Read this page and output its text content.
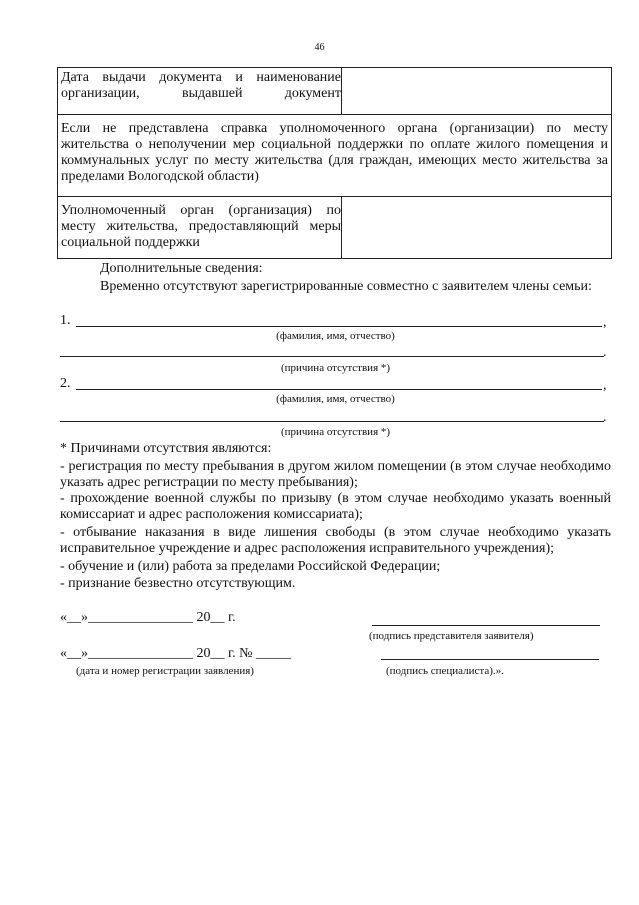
46
Дата выдачи документа и наименование организации, выдавшей документ

Если не представлена справка уполномоченного органа (организации) по месту жительства о неполучении мер социальной поддержки по оплате жилого помещения и коммунальных услуг по месту жительства (для граждан, имеющих место жительства за пределами Вологодской области)
Уполномоченный орган (организация) по месту жительства, предоставляющий меры социальной поддержки

Дополнительные сведения:
Временно отсутствуют зарегистрированные совместно с заявителем члены семьи:
1.	,
(фамилия, имя, отчество)
.
(причина отсутствия *)
2.	,
(фамилия, имя, отчество)
.
(причина отсутствия *)
* Причинами отсутствия являются:
- регистрация по месту пребывания в другом жилом помещении (в этом случае необходимо указать адрес регистрации по месту пребывания);
- прохождение военной службы по призыву (в этом случае необходимо указать военный комиссариат и адрес расположения комиссариата);
- отбывание наказания в виде лишения свободы (в этом случае необходимо указать исправительное учреждение и адрес расположения исправительного учреждения);
- обучение и (или) работа за пределами Российской Федерации;
- признание безвестно отсутствующим.
«__»_______________ 20__ г.
(подпись представителя заявителя)
«__»_______________ 20__ г. № _____
(дата и номер регистрации заявления)	(подпись специалиста).».
